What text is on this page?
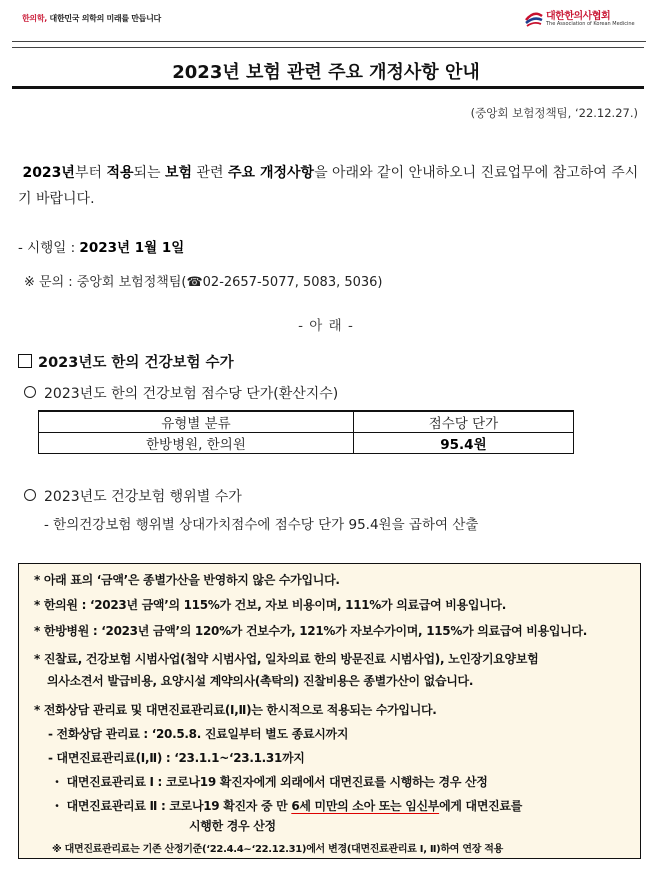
한의학, 대한민국 의학의 미래를 만듭니다	대한한의사협회
The Association of Korean Medicine
2023년 보험 관련 주요 개정사항 안내
(중앙회 보험정책팀, ‘22.12.27.)
2023년부터 적용되는 보험 관련 주요 개정사항을 아래와 같이 안내하오니 진료업무에 참고하여 주시기 바랍니다.
- 시행일 : 2023년 1월 1일
※ 문의 : 중앙회 보험정책팀(☎02-2657-5077, 5083, 5036)
- 아 래 -
2023년도 한의 건강보험 수가
2023년도 한의 건강보험 점수당 단가(환산지수)
유형별 분류	점수당 단가
한방병원, 한의원	95.4원
2023년도 건강보험 행위별 수가
- 한의건강보험 행위별 상대가치점수에 점수당 단가 95.4원을 곱하여 산출
* 아래 표의 ‘금액’은 종별가산을 반영하지 않은 수가입니다.
* 한의원 : ‘2023년 금액’의 115%가 건보, 자보 비용이며, 111%가 의료급여 비용입니다.
* 한방병원 : ‘2023년 금액’의 120%가 건보수가, 121%가 자보수가이며, 115%가 의료급여 비용입니다.
* 진찰료, 건강보험 시범사업(첩약 시범사업, 일차의료 한의 방문진료 시범사업), 노인장기요양보험
의사소견서 발급비용, 요양시설 계약의사(촉탁의) 진찰비용은 종별가산이 없습니다.
* 전화상담 관리료 및 대면진료관리료(Ⅰ,Ⅱ)는 한시적으로 적용되는 수가입니다.
- 전화상담 관리료 : ‘20.5.8. 진료일부터 별도 종료시까지
- 대면진료관리료(Ⅰ,Ⅱ) : ‘23.1.1~‘23.1.31까지
・ 대면진료관리료 Ⅰ : 코로나19 확진자에게 외래에서 대면진료를 시행하는 경우 산정
・ 대면진료관리료 Ⅱ : 코로나19 확진자 중 만 6세 미만의 소아 또는 임신부에게 대면진료를
시행한 경우 산정
※ 대면진료관리료는 기존 산정기준(‘22.4.4~‘22.12.31)에서 변경(대면진료관리료 Ⅰ, Ⅱ)하여 연장 적용
